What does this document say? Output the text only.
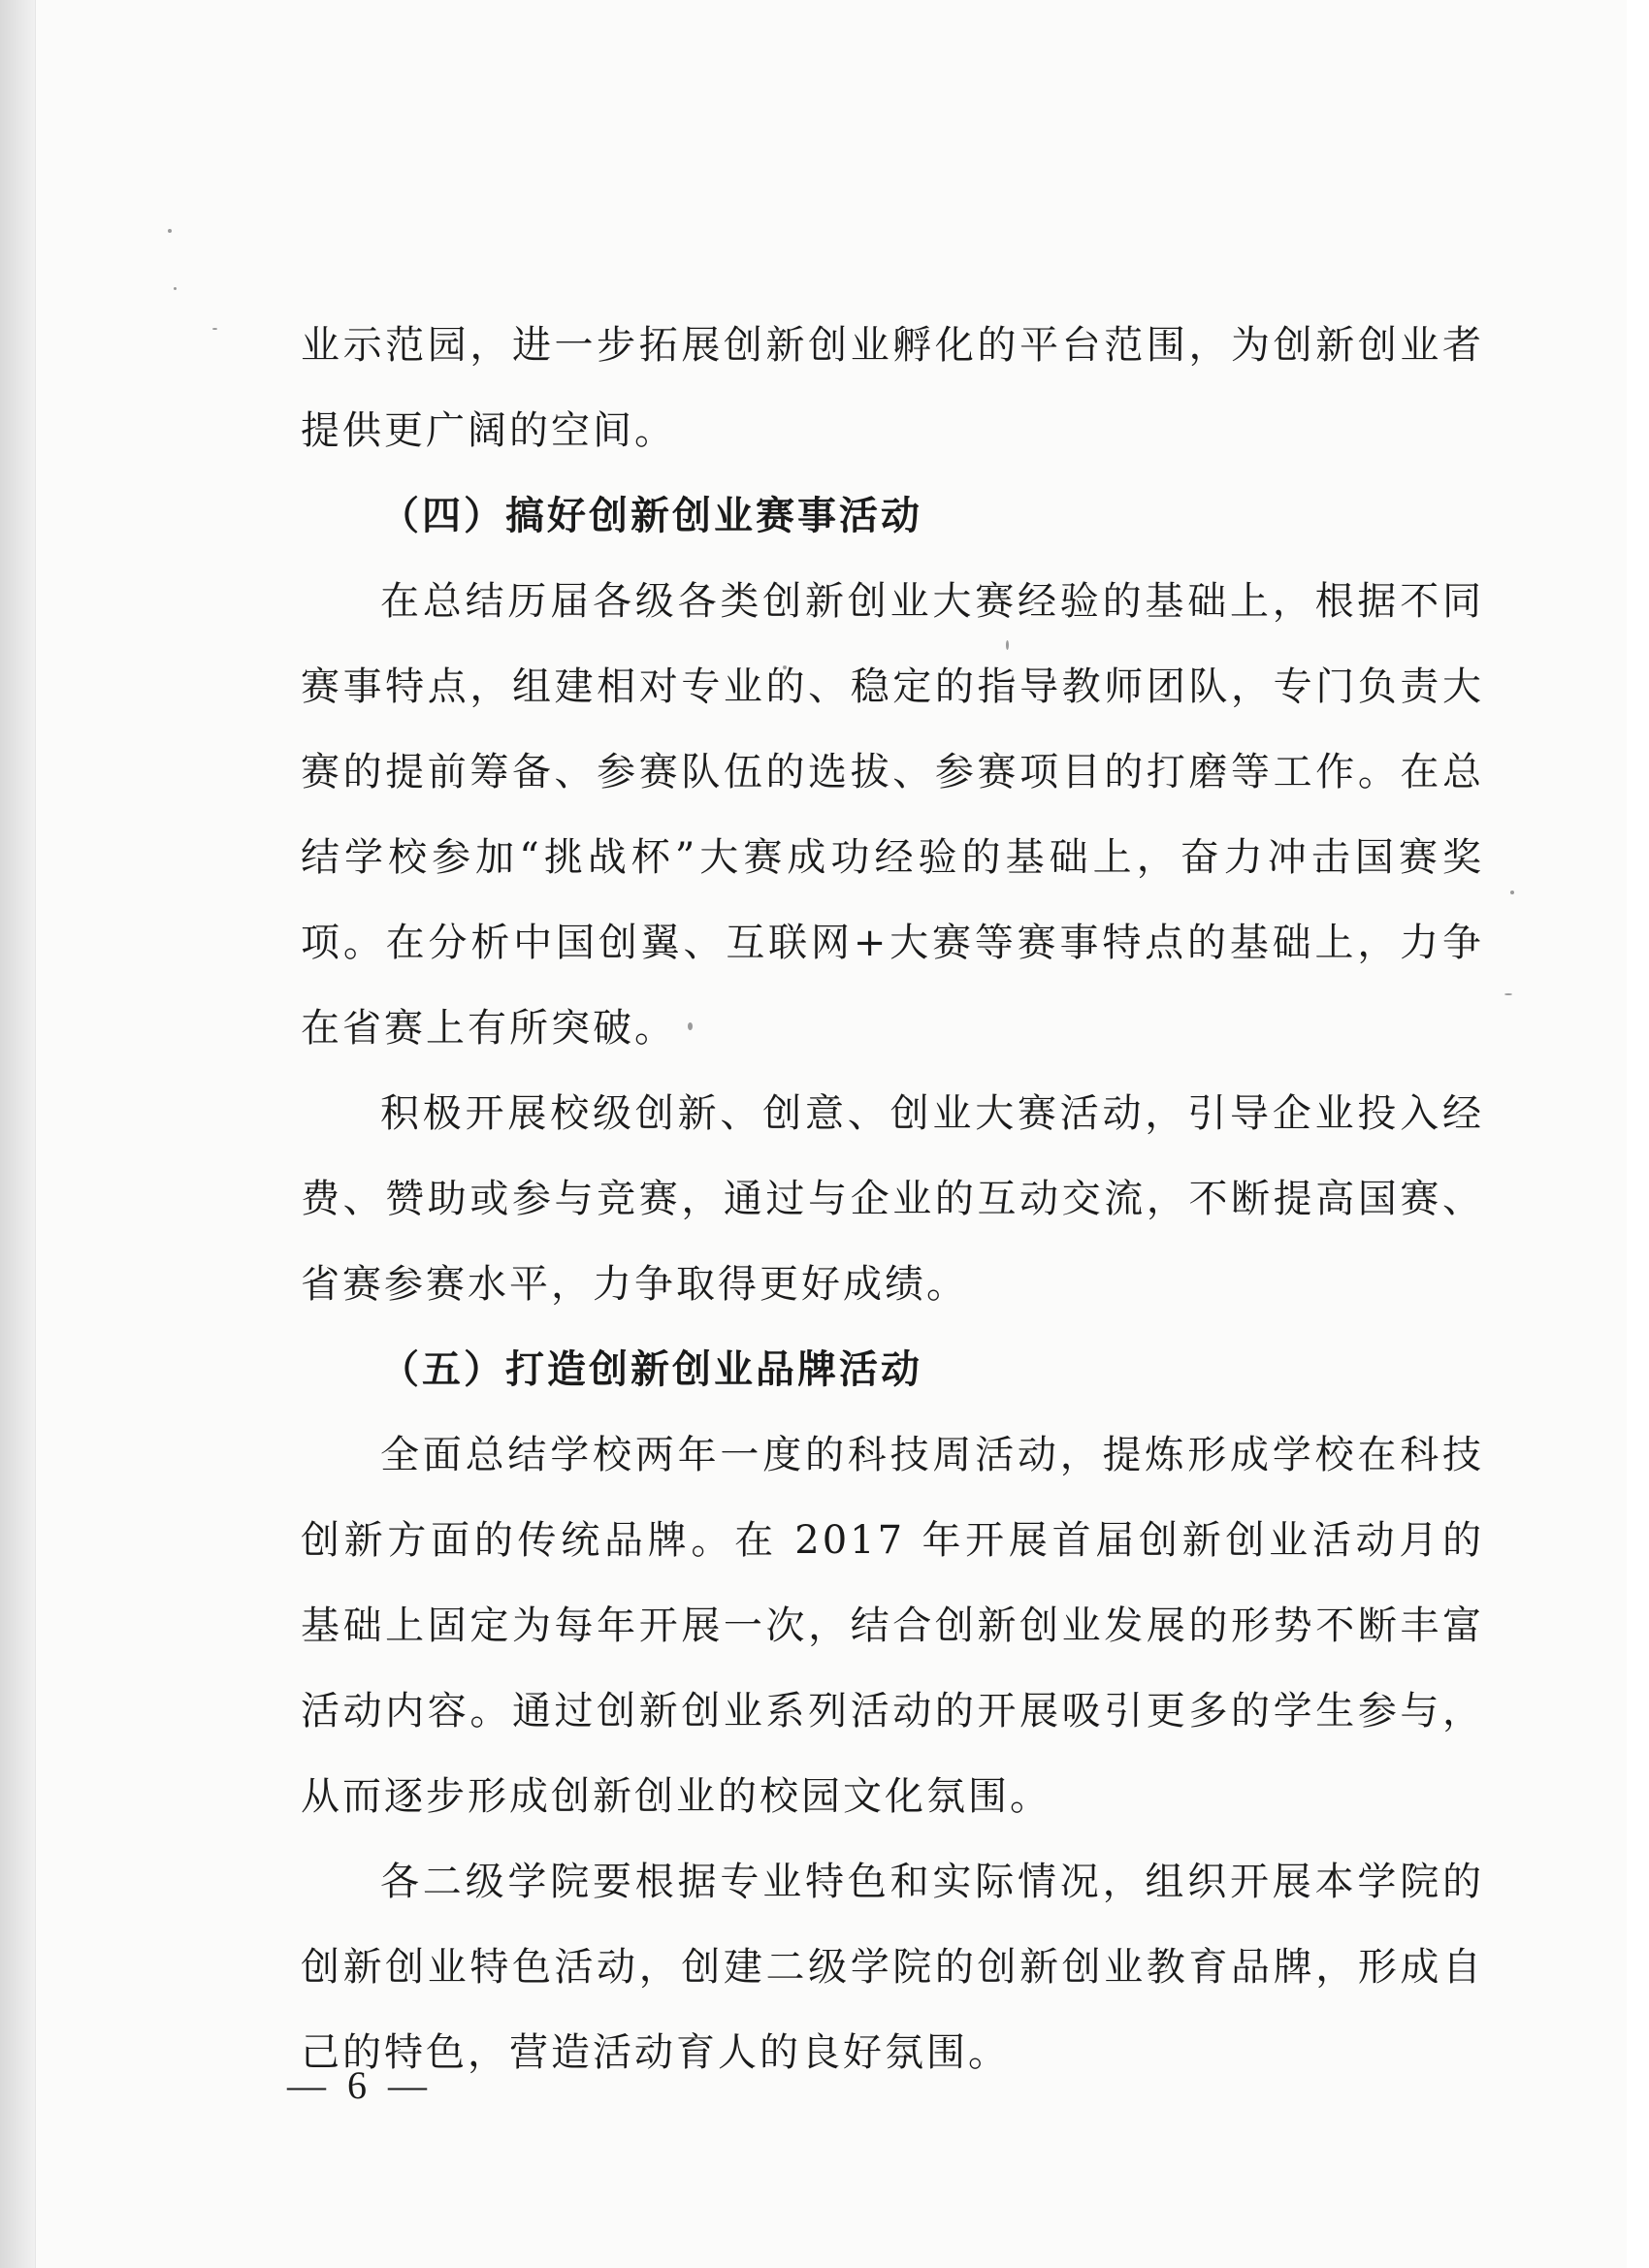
业示范园，进一步拓展创新创业孵化的平台范围，为创新创业者提供更广阔的空间。

（四）搞好创新创业赛事活动

在总结历届各级各类创新创业大赛经验的基础上，根据不同赛事特点，组建相对专业的、稳定的指导教师团队，专门负责大赛的提前筹备、参赛队伍的选拔、参赛项目的打磨等工作。在总结学校参加“挑战杯”大赛成功经验的基础上，奋力冲击国赛奖项。在分析中国创翼、互联网+大赛等赛事特点的基础上，力争在省赛上有所突破。

积极开展校级创新、创意、创业大赛活动，引导企业投入经费、赞助或参与竞赛，通过与企业的互动交流，不断提高国赛、省赛参赛水平，力争取得更好成绩。

（五）打造创新创业品牌活动

全面总结学校两年一度的科技周活动，提炼形成学校在科技创新方面的传统品牌。在 2017 年开展首届创新创业活动月的基础上固定为每年开展一次，结合创新创业发展的形势不断丰富活动内容。通过创新创业系列活动的开展吸引更多的学生参与，从而逐步形成创新创业的校园文化氛围。

各二级学院要根据专业特色和实际情况，组织开展本学院的创新创业特色活动，创建二级学院的创新创业教育品牌，形成自己的特色，营造活动育人的良好氛围。

— 6 —
